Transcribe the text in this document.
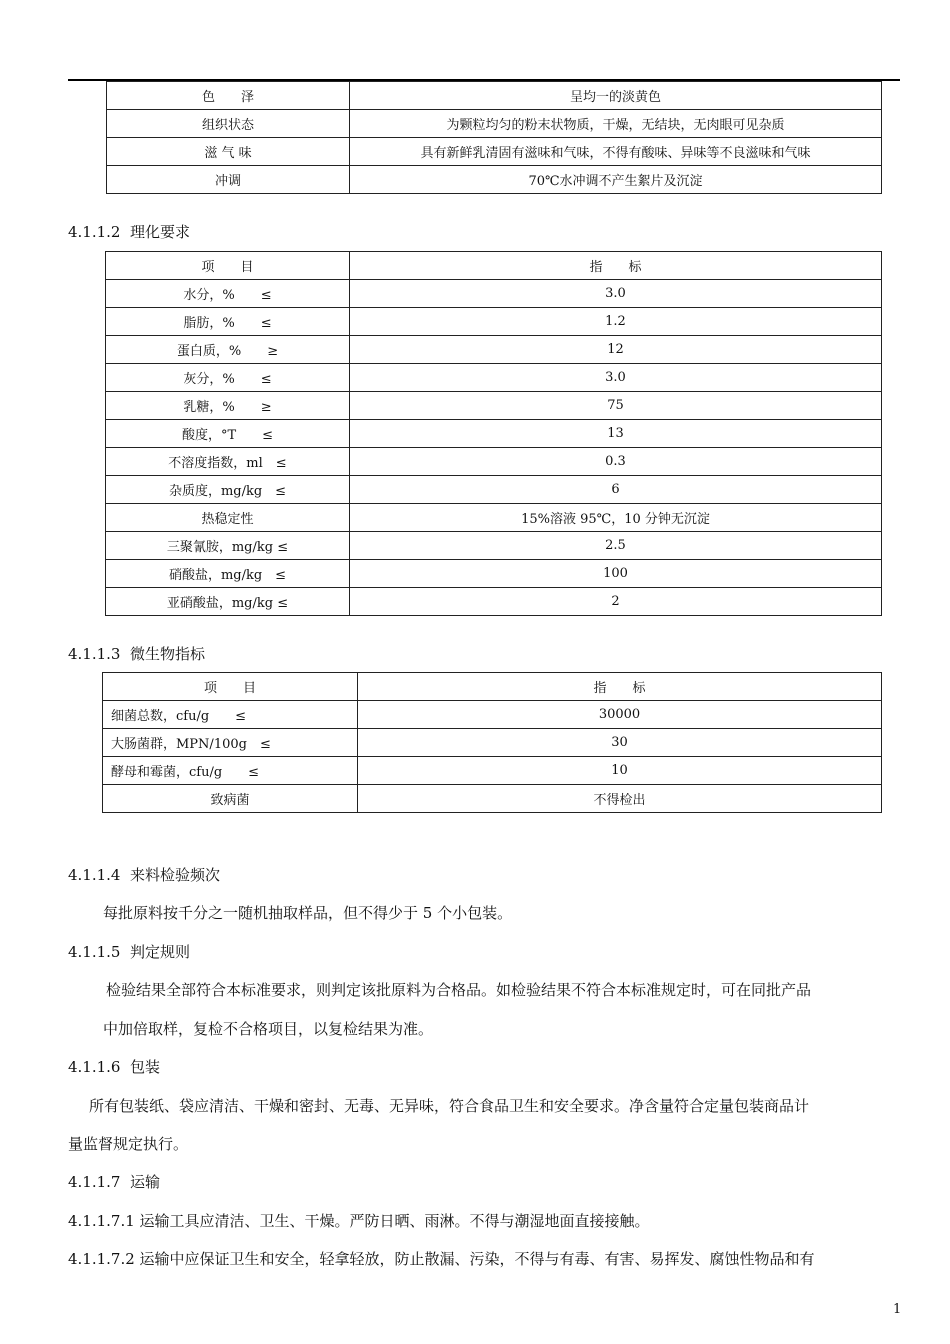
色　　泽	呈均一的淡黄色
组织状态	为颗粒均匀的粉末状物质，干燥，无结块，无肉眼可见杂质
滋 气 味	具有新鲜乳清固有滋味和气味，不得有酸味、异味等不良滋味和气味
冲调	70℃水冲调不产生絮片及沉淀
4.1.1.2 理化要求
项　　目	指　　标
水分，%　　≤	3.0
脂肪，%　　≤	1.2
蛋白质，%　　≥	12
灰分，%　　≤	3.0
乳糖，%　　≥	75
酸度，°T　　≤	13
不溶度指数，ml　≤	0.3
杂质度，mg/kg　≤	6
热稳定性	15%溶液 95℃，10 分钟无沉淀
三聚氰胺，mg/kg ≤	2.5
硝酸盐，mg/kg　≤	100
亚硝酸盐，mg/kg ≤	2
4.1.1.3 微生物指标
项　　目	指　　标
细菌总数，cfu/g　　≤	30000
大肠菌群，MPN/100g　≤	30
酵母和霉菌，cfu/g　　≤	10
致病菌	不得检出
4.1.1.4 来料检验频次
每批原料按千分之一随机抽取样品，但不得少于 5 个小包装。
4.1.1.5 判定规则
检验结果全部符合本标准要求，则判定该批原料为合格品。如检验结果不符合本标准规定时，可在同批产品
中加倍取样，复检不合格项目，以复检结果为准。
4.1.1.6 包装
所有包装纸、袋应清洁、干燥和密封、无毒、无异味，符合食品卫生和安全要求。净含量符合定量包装商品计
量监督规定执行。
4.1.1.7 运输
4.1.1.7.1 运输工具应清洁、卫生、干燥。严防日晒、雨淋。不得与潮湿地面直接接触。
4.1.1.7.2 运输中应保证卫生和安全，轻拿轻放，防止散漏、污染，不得与有毒、有害、易挥发、腐蚀性物品和有
1
